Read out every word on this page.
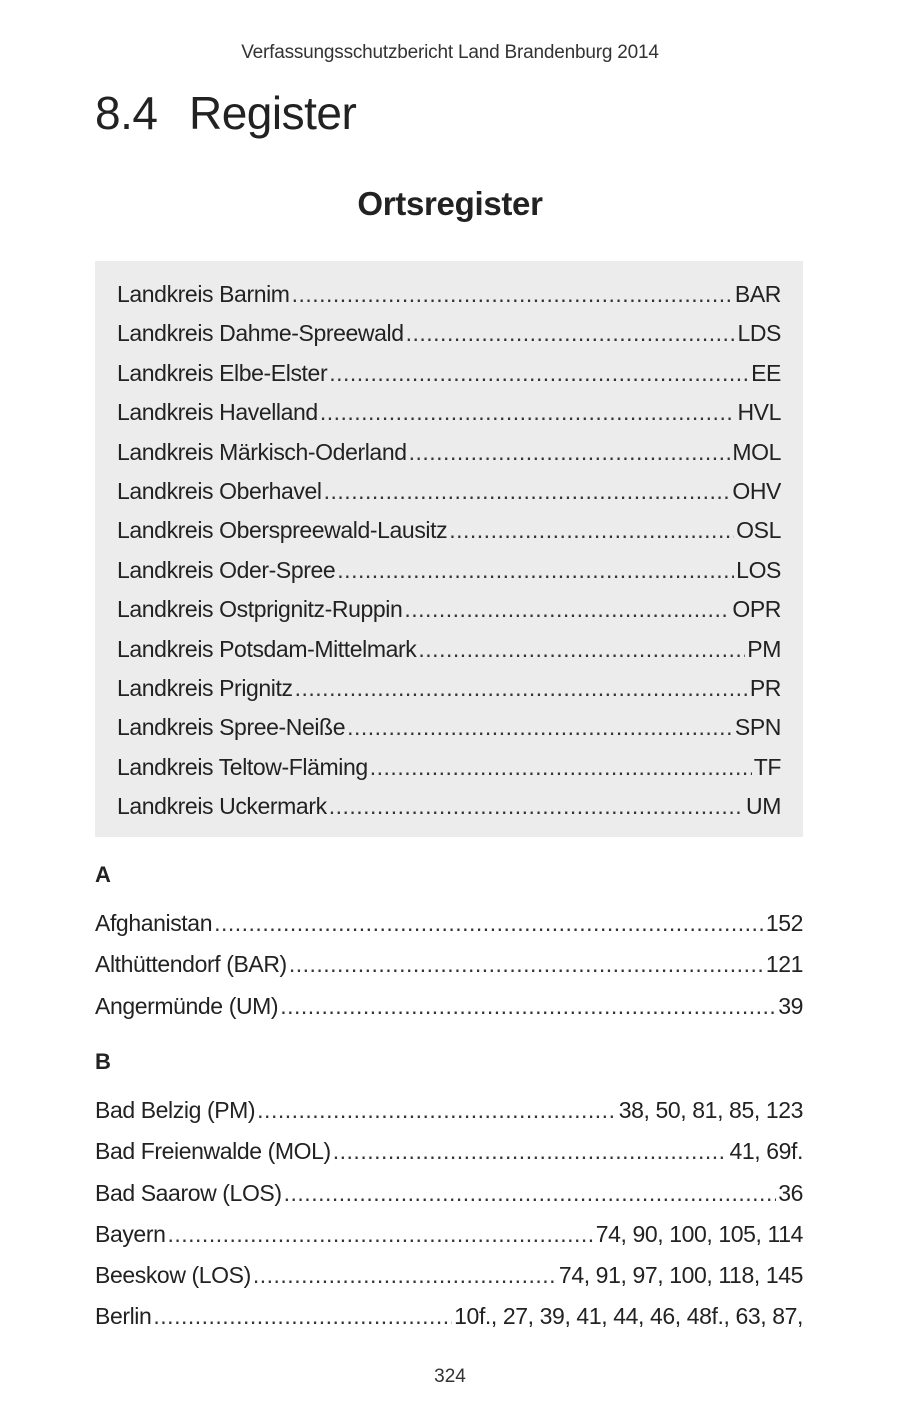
Verfassungsschutzbericht Land Brandenburg 2014
8.4 Register
Ortsregister
Landkreis Barnim .....	BAR
Landkreis Dahme-Spreewald .....	LDS
Landkreis Elbe-Elster .....	EE
Landkreis Havelland .....	HVL
Landkreis Märkisch-Oderland .....	MOL
Landkreis Oberhavel .....	OHV
Landkreis Oberspreewald-Lausitz .....	OSL
Landkreis Oder-Spree .....	LOS
Landkreis Ostprignitz-Ruppin .....	OPR
Landkreis Potsdam-Mittelmark .....	PM
Landkreis Prignitz .....	PR
Landkreis Spree-Neiße .....	SPN
Landkreis Teltow-Fläming .....	TF
Landkreis Uckermark .....	UM
A
Afghanistan .....	152
Althüttendorf (BAR) .....	121
Angermünde (UM) .....	39
B
Bad Belzig (PM) .....	38, 50, 81, 85, 123
Bad Freienwalde (MOL) .....	41, 69f.
Bad Saarow (LOS) .....	36
Bayern .....	74, 90, 100, 105, 114
Beeskow (LOS) .....	74, 91, 97, 100, 118, 145
Berlin .....	10f., 27, 39, 41, 44, 46, 48f., 63, 87,
324
